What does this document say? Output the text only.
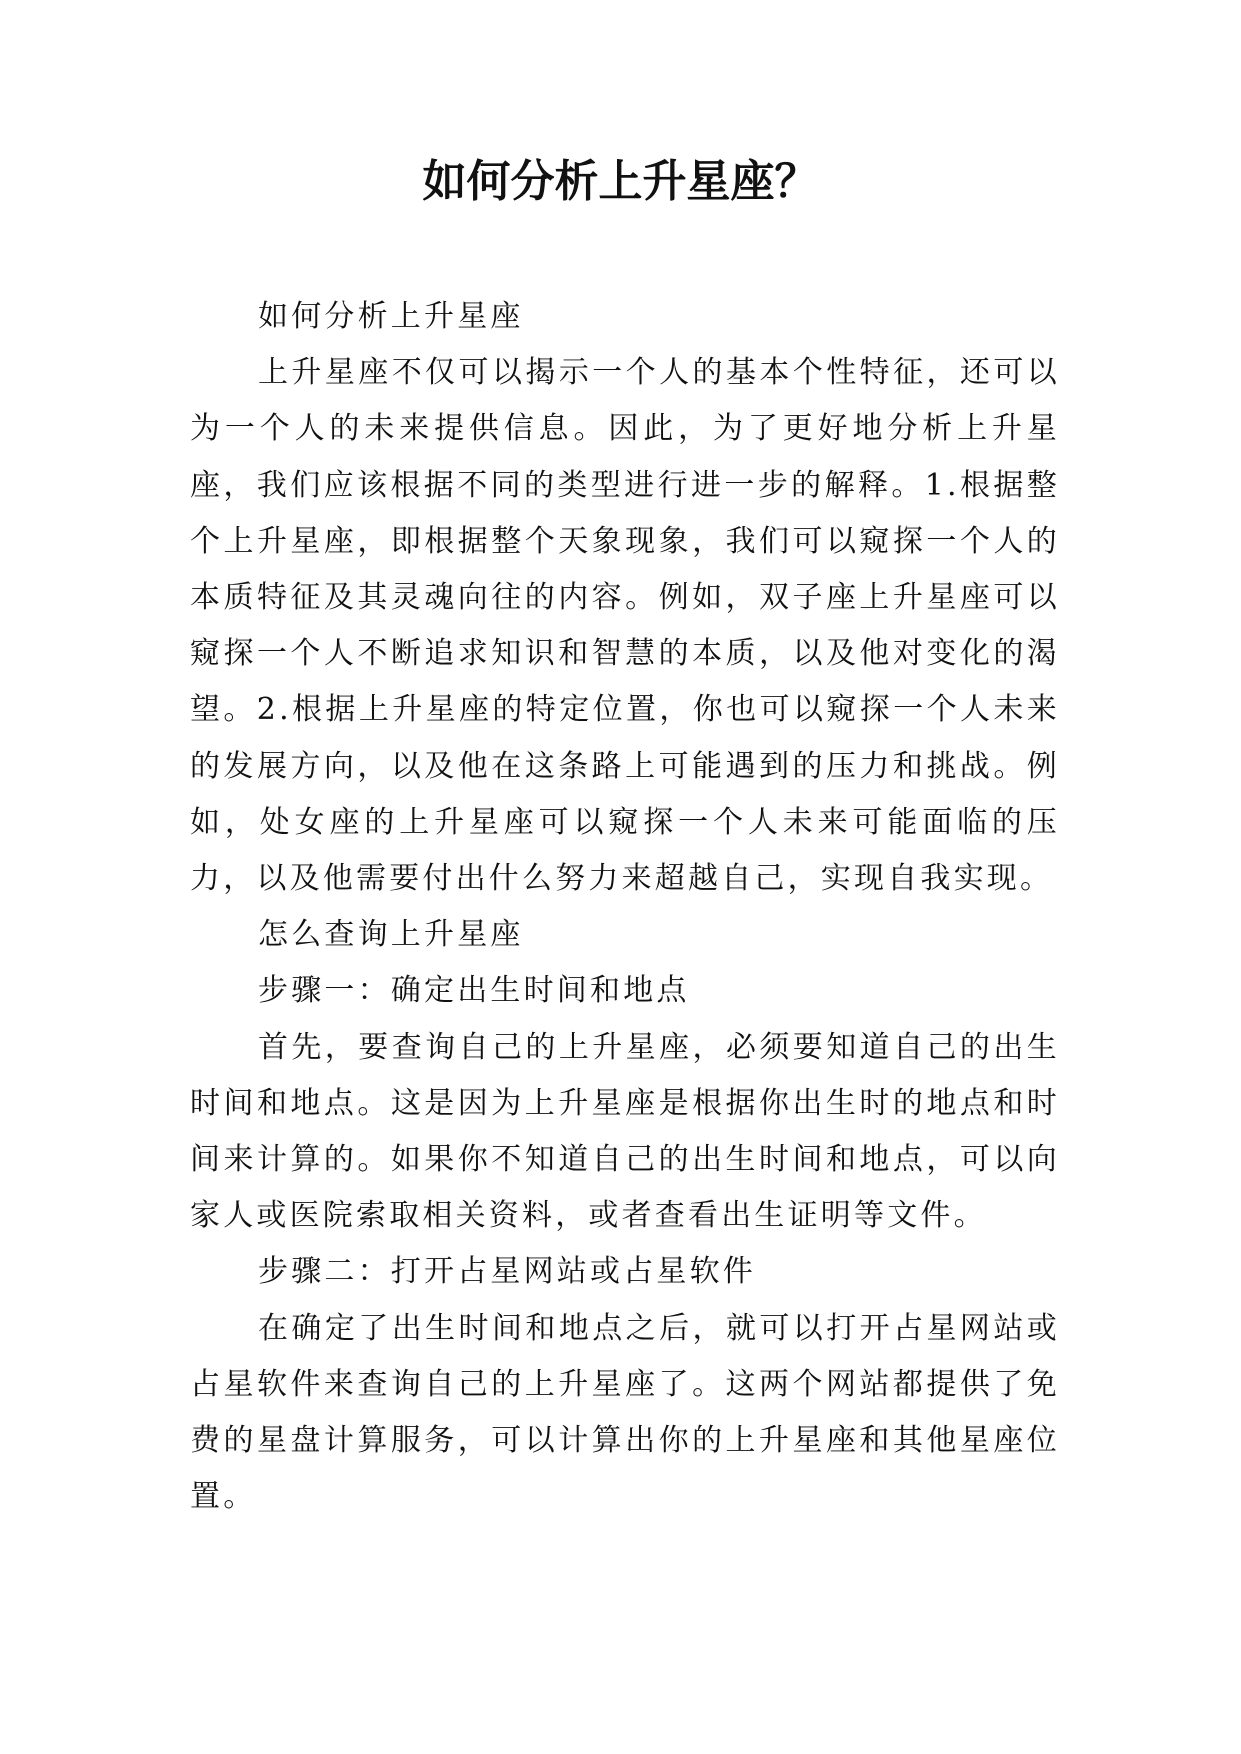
如何分析上升星座？

如何分析上升星座

上升星座不仅可以揭示一个人的基本个性特征，还可以为一个人的未来提供信息。因此，为了更好地分析上升星座，我们应该根据不同的类型进行进一步的解释。1.根据整个上升星座，即根据整个天象现象，我们可以窥探一个人的本质特征及其灵魂向往的内容。例如，双子座上升星座可以窥探一个人不断追求知识和智慧的本质，以及他对变化的渴望。2.根据上升星座的特定位置，你也可以窥探一个人未来的发展方向，以及他在这条路上可能遇到的压力和挑战。例如，处女座的上升星座可以窥探一个人未来可能面临的压力，以及他需要付出什么努力来超越自己，实现自我实现。

怎么查询上升星座

步骤一：确定出生时间和地点

首先，要查询自己的上升星座，必须要知道自己的出生时间和地点。这是因为上升星座是根据你出生时的地点和时间来计算的。如果你不知道自己的出生时间和地点，可以向家人或医院索取相关资料，或者查看出生证明等文件。

步骤二：打开占星网站或占星软件

在确定了出生时间和地点之后，就可以打开占星网站或占星软件来查询自己的上升星座了。这两个网站都提供了免费的星盘计算服务，可以计算出你的上升星座和其他星座位置。
